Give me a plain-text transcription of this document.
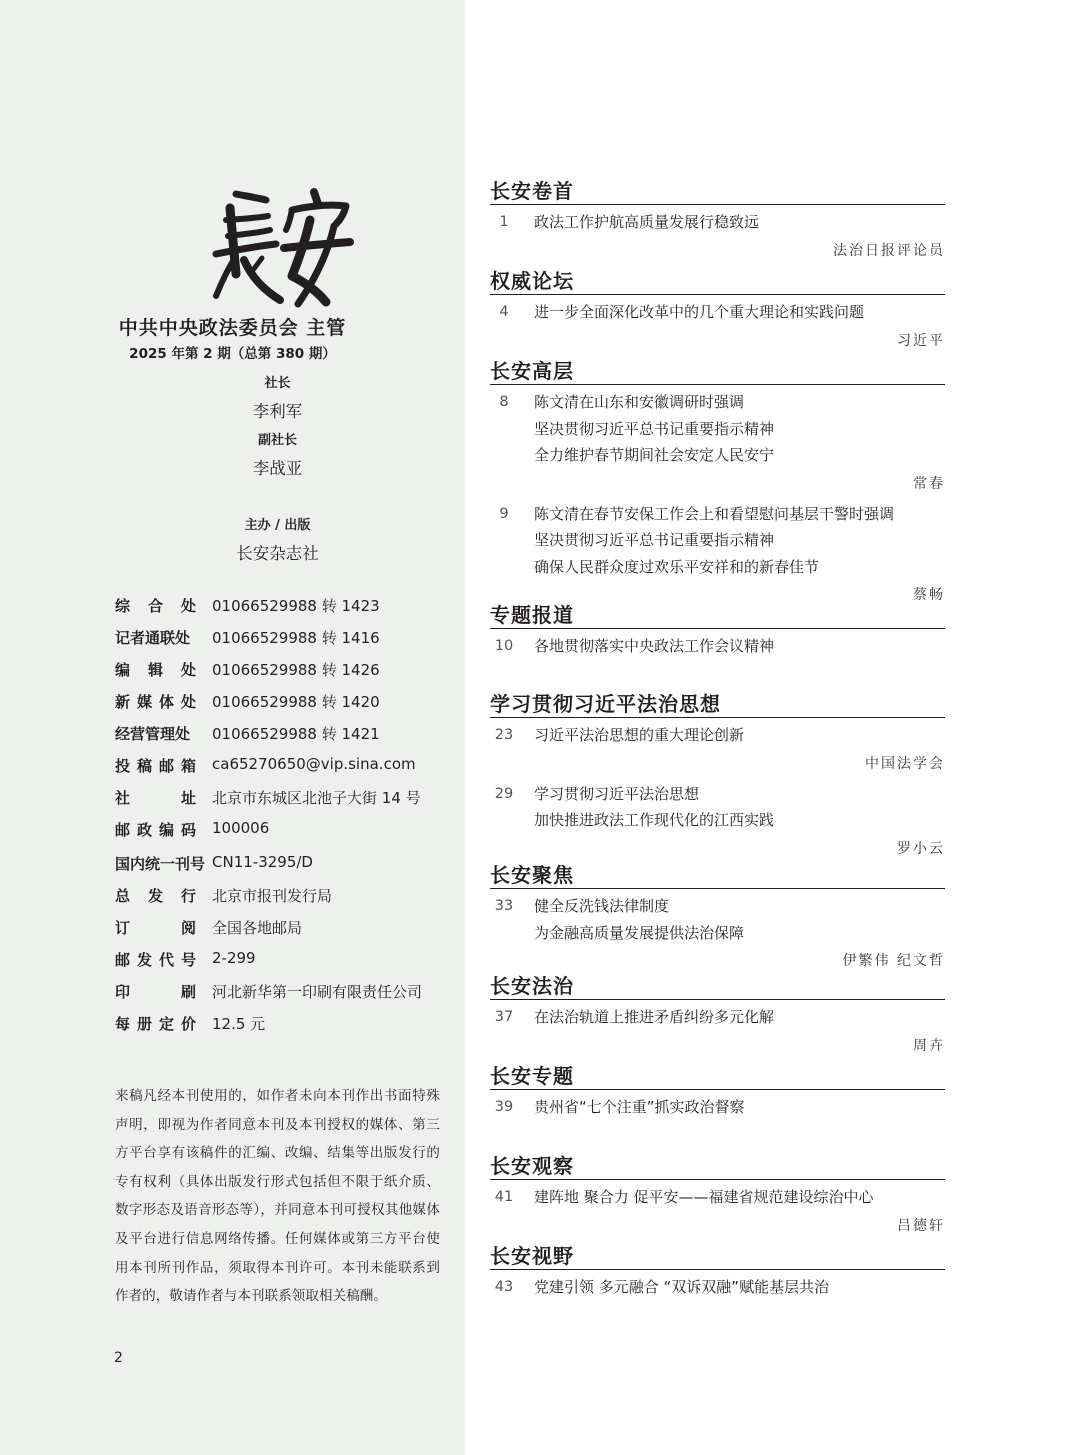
中共中央政法委员会 主管
2025 年第 2 期（总第 380 期）
社长
李利军
副社长
李战亚
主办 / 出版
长安杂志社
综合处 01066529988 转 1423
记者通联处	01066529988 转 1416
编辑处 01066529988 转 1426
新媒体处 01066529988 转 1420
经营管理处	01066529988 转 1421
投稿邮箱 ca65270650@vip.sina.com
社址 北京市东城区北池子大街 14 号
邮政编码 100006
国内统一刊号 CN11-3295/D
总发行 北京市报刊发行局
订阅 全国各地邮局
邮发代号 2-299
印刷 河北新华第一印刷有限责任公司
每册定价 12.5 元
来稿凡经本刊使用的，如作者未向本刊作出书面特殊声明，即视为作者同意本刊及本刊授权的媒体、第三方平台享有该稿件的汇编、改编、结集等出版发行的专有权利（具体出版发行形式包括但不限于纸介质、数字形态及语音形态等），并同意本刊可授权其他媒体及平台进行信息网络传播。任何媒体或第三方平台使用本刊所刊作品，须取得本刊许可。本刊未能联系到作者的，敬请作者与本刊联系领取相关稿酬。
2
长安卷首
1	政法工作护航高质量发展行稳致远
法治日报评论员
权威论坛
4	进一步全面深化改革中的几个重大理论和实践问题
习近平
长安高层
8	陈文清在山东和安徽调研时强调
坚决贯彻习近平总书记重要指示精神
全力维护春节期间社会安定人民安宁
常春
9	陈文清在春节安保工作会上和看望慰问基层干警时强调
坚决贯彻习近平总书记重要指示精神
确保人民群众度过欢乐平安祥和的新春佳节
蔡畅
专题报道
10	各地贯彻落实中央政法工作会议精神
学习贯彻习近平法治思想
23	习近平法治思想的重大理论创新
中国法学会
29	学习贯彻习近平法治思想
加快推进政法工作现代化的江西实践
罗小云
长安聚焦
33	健全反洗钱法律制度
为金融高质量发展提供法治保障
伊繁伟 纪文哲
长安法治
37	在法治轨道上推进矛盾纠纷多元化解
周卉
长安专题
39	贵州省“七个注重”抓实政治督察
长安观察
41	建阵地 聚合力 促平安——福建省规范建设综治中心
吕德轩
长安视野
43	党建引领 多元融合 “双诉双融”赋能基层共治
